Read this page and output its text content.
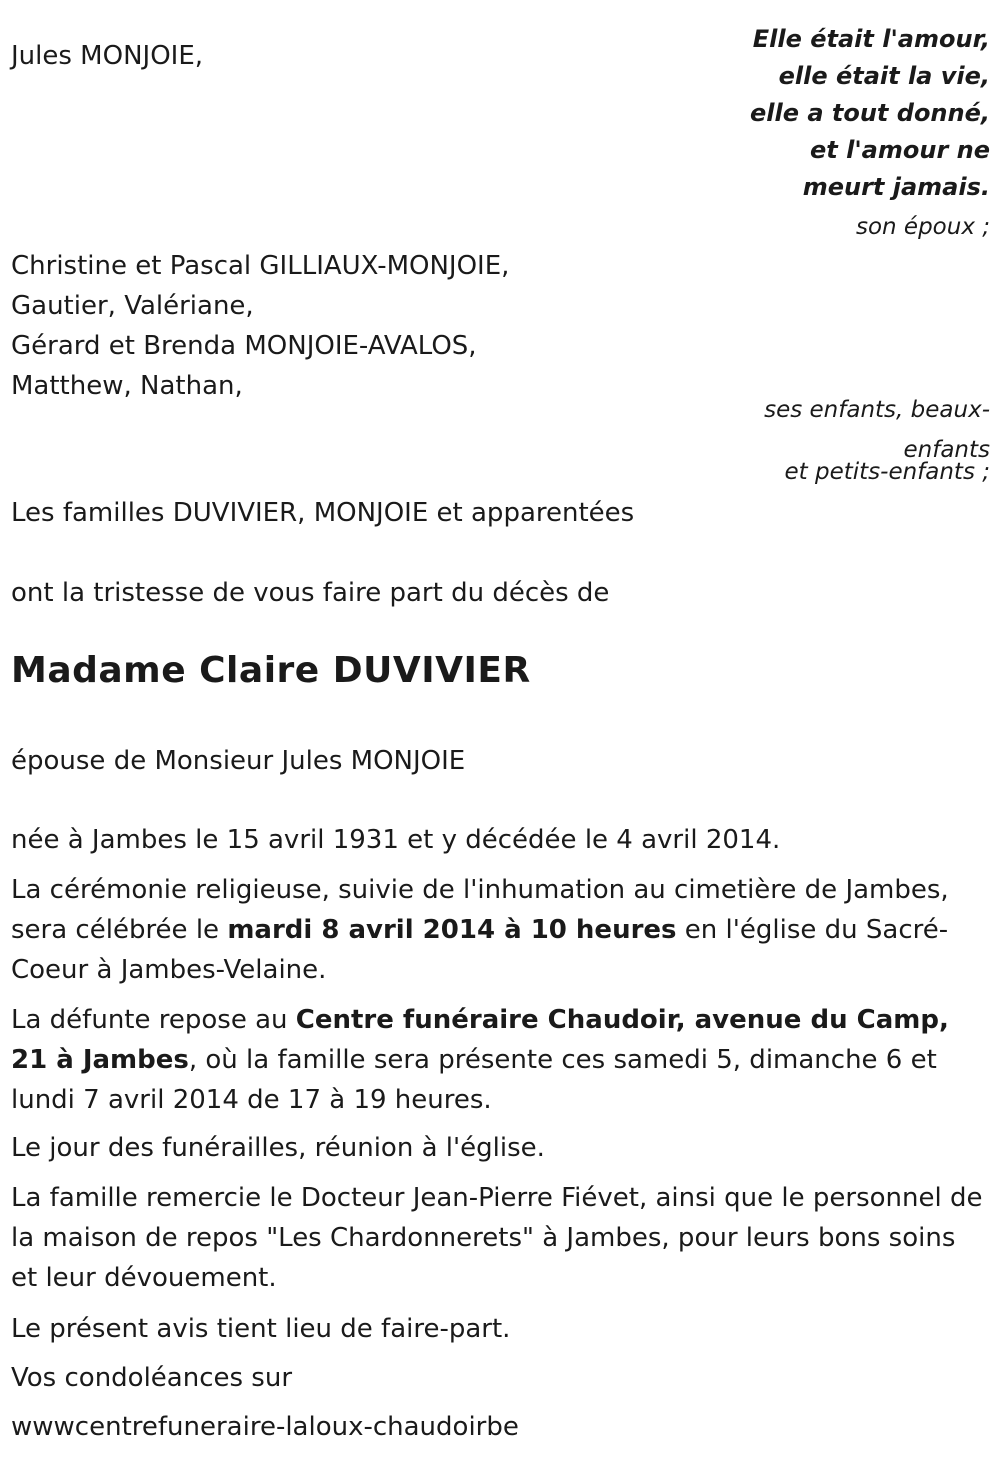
Jules MONJOIE,
Elle était l'amour,
elle était la vie,
elle a tout donné,
et l'amour ne
meurt jamais.
son époux ;
Christine et Pascal GILLIAUX-MONJOIE,
Gautier, Valériane,
Gérard et Brenda MONJOIE-AVALOS,
Matthew, Nathan,
ses enfants, beaux-
enfants
et petits-enfants ;
Les familles DUVIVIER, MONJOIE et apparentées
ont la tristesse de vous faire part du décès de
Madame Claire DUVIVIER
épouse de Monsieur Jules MONJOIE
née à Jambes le 15 avril 1931 et y décédée le 4 avril 2014.
La cérémonie religieuse, suivie de l'inhumation au cimetière de Jambes, sera célébrée le mardi 8 avril 2014 à 10 heures en l'église du Sacré-Coeur à Jambes-Velaine.
La défunte repose au Centre funéraire Chaudoir, avenue du Camp, 21 à Jambes, où la famille sera présente ces samedi 5, dimanche 6 et lundi 7 avril 2014 de 17 à 19 heures.
Le jour des funérailles, réunion à l'église.
La famille remercie le Docteur Jean-Pierre Fiévet, ainsi que le personnel de la maison de repos "Les Chardonnerets" à Jambes, pour leurs bons soins et leur dévouement.
Le présent avis tient lieu de faire-part.
Vos condoléances sur
wwwcentrefuneraire-laloux-chaudoirbe
